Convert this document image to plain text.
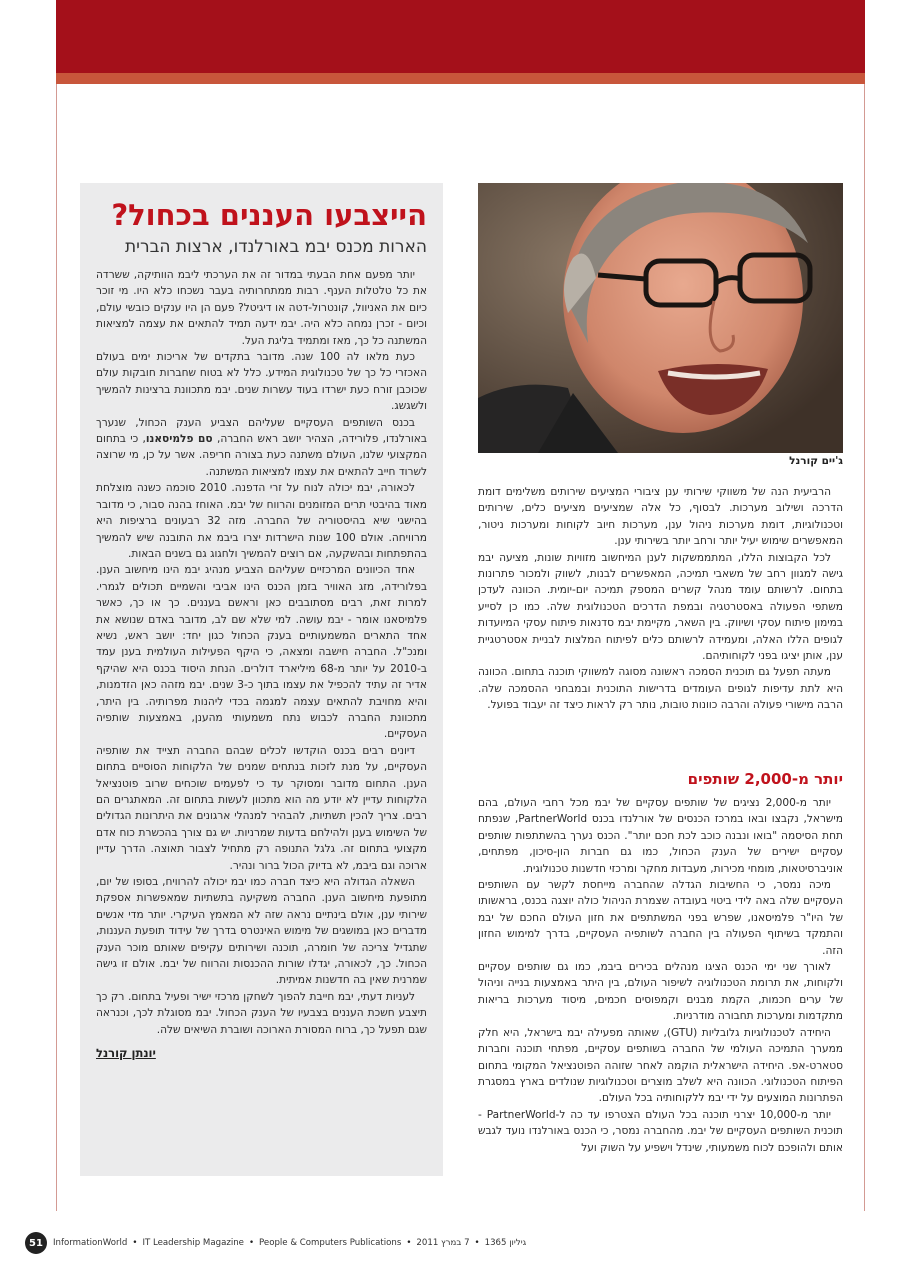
הייצבעו העננים בכחול?
הארות מכנס יבמ באורלנדו, ארצות הברית

יותר מפעם אחת הבעתי במדור זה את הערכתי ליבמ הוותיקה, ששרדה את כל טלטלות הענף. רבות ממתחרותיה בעבר נשכחו כלא היו. מי זוכר כיום את האניוול, קונטרול-דטה או דיגיטל? פעם הן היו ענקים כובשי עולם, וכיום - זכרן נמחה כלא היה. יבמ ידעה תמיד להתאים את עצמה למציאות המשתנה כל כך, מאז ומתמיד בליגת העל.

כעת מלאו לה 100 שנה. מדובר בתקדים של אריכות ימים בעולם האכזרי כל כך של טכנולוגית המידע. כלל לא בטוח שחברות חובקות עולם שכוכבן זורח כעת ישרדו בעוד עשרות שנים. יבמ מתכוונת ברצינות להמשיך ולשגשג.

בכנס השותפים העסקיים שעליהם הצביע הענק הכחול, שנערך באורלנדו, פלורידה, הצהיר יושב ראש החברה, סם פלמיסאנו, כי בתחום המקצועי שלנו, העולם משתנה כעת בצורה חריפה. אשר על כן, מי שרוצה לשרוד חייב להתאים את עצמו למציאות המשתנה.

לכאורה, יבמ יכולה לנוח על זרי הדפנה. 2010 סוכמה כשנה מוצלחת מאוד בהיבטי תרים המזומנים והרווח של יבמ. האוחז בהנה סבור, כי מדובר בהישגי שיא בהיסטוריה של החברה. מזה 32 רבעונים ברציפות היא מרוויחה. אולם 100 שנות הישרדות יצרו ביבמ את התובנה שיש להמשיך בהתפתחות ובהשקעה, אם רוצים להמשיך ולחגוג גם בשנים הבאות.

אחד הכיוונים המרכזיים שעליהם הצביע מנהיג יבמ הינו מיחשוב הענן. בפלורידה, מזג האוויר בזמן הכנס הינו אביבי והשמיים תכולים לגמרי. למרות זאת, רבים מסתובבים כאן וראשם בעננים. כך או כך, כאשר פלמיסאנו אומר - יבמ עושה. למי שלא שם לב, מדובר באדם שנושא את אחד התארים המשמעותיים בענק הכחול כגון יחד: יושב ראש, נשיא ומנכ"ל. החברה חישבה ומצאה, כי היקף הפעילות העולמית בענן עמד ב-2010 על יותר מ-68 מיליארד דולרים. הנחת היסוד בכנס היא שהיקף אדיר זה עתיד להכפיל את עצמו בתוך כ-3 שנים. יבמ מזהה כאן הזדמנות, והיא מחויבת להתאים עצמה למגמה בכדי ליהנות מפרותיה. בין היתר, מתכוונת החברה לכבוש נתח משמעותי מהענן, באמצעות שותפיה העסקיים.

דיונים רבים בכנס הוקדשו לכלים שבהם החברה תצייד את שותפיה העסקיים, על מנת לזכות בנתחים שמנים של הלקוחות הסוסיים בתחום הענן. התחום מדובר ומסוקר עד כי לפעמים שוכחים שרוב פוטנציאל הלקוחות עדיין לא יודע מה הוא מתכוון לעשות בתחום זה. המאתגרים הם רבים. צריך להכין תשתיות, להבהיר למנהלי ארגונים את היתרונות הגדולים של השימוש בענן ולהילחם בדעות שמרניות. יש גם צורך בהכשרת כוח אדם מקצועי בתחום זה. גלגל התנופה רק מתחיל לצבור תאוצה. הדרך עדיין ארוכה וגם ביבמ, לא בדיוק הכול ברור ונהיר.

השאלה הגדולה היא כיצד חברה כמו יבמ יכולה להרוויח, בסופו של יום, מתופעת מיחשוב הענן. החברה משקיעה בתשתיות שמאפשרות אספקת שירותי ענן, אולם בינתיים נראה שזה לא המאמץ העיקרי. יותר מדי אנשים מדברים כאן במושגים של מימוש האינטרס בדרך של עידוד תופעת העננות, שתגדיל צריכה של חומרה, תוכנה ושירותים עקיפים שאותם מוכר הענק הכחול. כך, לכאורה, יגדלו שורות ההכנסות והרווח של יבמ. אולם זו גישה שמרנית שאין בה חדשנות אמיתית.

לעניות דעתי, יבמ חייבת להפוך לשחקן מרכזי ישיר ופעיל בתחום. רק כך תיצבע חשכת העננים בצבעיו של הענק הכחול. יבמ מסוגלת לכך, וכנראה שגם תפעל כך, ברוח המסורת הארוכה ושוברת השיאים שלה.

יונתן קורנל
ג'יים קורנל

הרביעית הנה של משווקי שירותי ענן ציבורי המציעים שירותים משלימים דומת הדרכה ושילוב מערכות. לבסוף, כל אלה שמציעים מציעים כלים, שירותים וטכנולוגיות, דומת מערכות ניהול ענן, מערכות חיוב לקוחות ומערכות ניטור, המאפשרים שימוש יעיל יותר ורחב יותר בשירותי ענן.

לכל הקבוצות הללו, המתממשקות לענן המיחשוב מזוויות שונות, מציעה יבמ גישה למגוון רחב של משאבי תמיכה, המאפשרים לבנות, לשווק ולמכור פתרונות בתחום. לרשותם עומד מנהל קשרים המספק תמיכה יום-יומית. הכוונה לעדכן משתפי הפעולה באסטרטגיה ובמפת הדרכים הטכנולוגית שלה. כמו כן לסייע במימון פיתוח עסקי ושיווק. בין השאר, מקיימת יבמ סדנאות פיתוח עסקי המיועדות לגופים הללו האלה, ומעמידה לרשותם כלים לפיתוח המלצות לבניית אסטרטגיית ענן, אותן יציגו בפני לקוחותיהם.

מעתה תפעל גם תוכנית הסמכה ראשונה מסוגה למשווקי תוכנה בתחום. הכוונה היא לתת עדיפות לגופים העומדים בדרישות התוכנית ובמבחני ההסמכה שלה. הרבה מישורי פעולה והרבה כוונות טובות, נותר רק לראות כיצד זה יעבוד בפועל.

יותר מ-2,000 שותפים

יותר מ-2,000 נציגים של שותפים עסקיים של יבמ מכל רחבי העולם, בהם מישראל, נקבצו ובאו במרכז הכנסים של אורלנדו בכנס PartnerWorld, שנפתח תחת הסיסמה "בואו ונבנה כוכב לכת חכם יותר". הכנס נערך בהשתתפות שותפים עסקיים ישירים של הענק הכחול, כמו גם חברות הון-סיכון, מפתחים, אוניברסיטאות, מומחי מכירות, מעבדות מחקר ומרכזי חדשנות טכנולוגית.

מיכה נמסר, כי החשיבות הגדלה שהחברה מייחסת לקשר עם השותפים העסקיים שלה באה לידי ביטוי בעובדה שצמרת הניהול כולה יוצגה בכנס, בראשותו של היו"ר פלמיסאנו, שפרש בפני המשתתפים את חזון העולם החכם של יבמ והתמקד בשיתוף הפעולה בין החברה לשותפיה העסקיים, בדרך למימוש החזון הזה.

לאורך שני ימי הכנס הציגו מנהלים בכירים ביבמ, כמו גם שותפים עסקיים ולקוחות, את תרומת הטכנולוגיה לשיפור העולם, בין היתר באמצעות בנייה וניהול של ערים חכמות, הקמת מבנים וקמפוסים חכמים, מיסוד מערכות בריאות מתקדמות ומערכות תחבורה מודרניות.

היחידה לטכנולוגיות גלובליות (GTU), שאותה מפעילה יבמ בישראל, היא חלק ממערך התמיכה העולמי של החברה בשותפים עסקיים, מפתחי תוכנה וחברות סטארט-אפ. היחידה הישראלית הוקמה לאחר שזוהה הפוטנציאל המקומי בתחום הפיתוח הטכנולוגי. הכוונה היא לשלב מוצרים וטכנולוגיות שנולדים בארץ במסגרת הפתרונות המוצעים על ידי יבמ ללקוחותיה בכל העולם.

יותר מ-10,000 יצרני תוכנה בכל העולם הצטרפו עד כה ל-PartnerWorld - תוכנית השותפים העסקיים של יבמ. מהחברה נמסר, כי הכנס באורלנדו נועד לגבש אותם ולהופכם לכוח משמעותי, שינדל וישפיע על השוק ועל

51	InformationWorld • IT Leadership Magazine • People & Computers Publications • 7 במרץ 2011 • גיליון 1365
